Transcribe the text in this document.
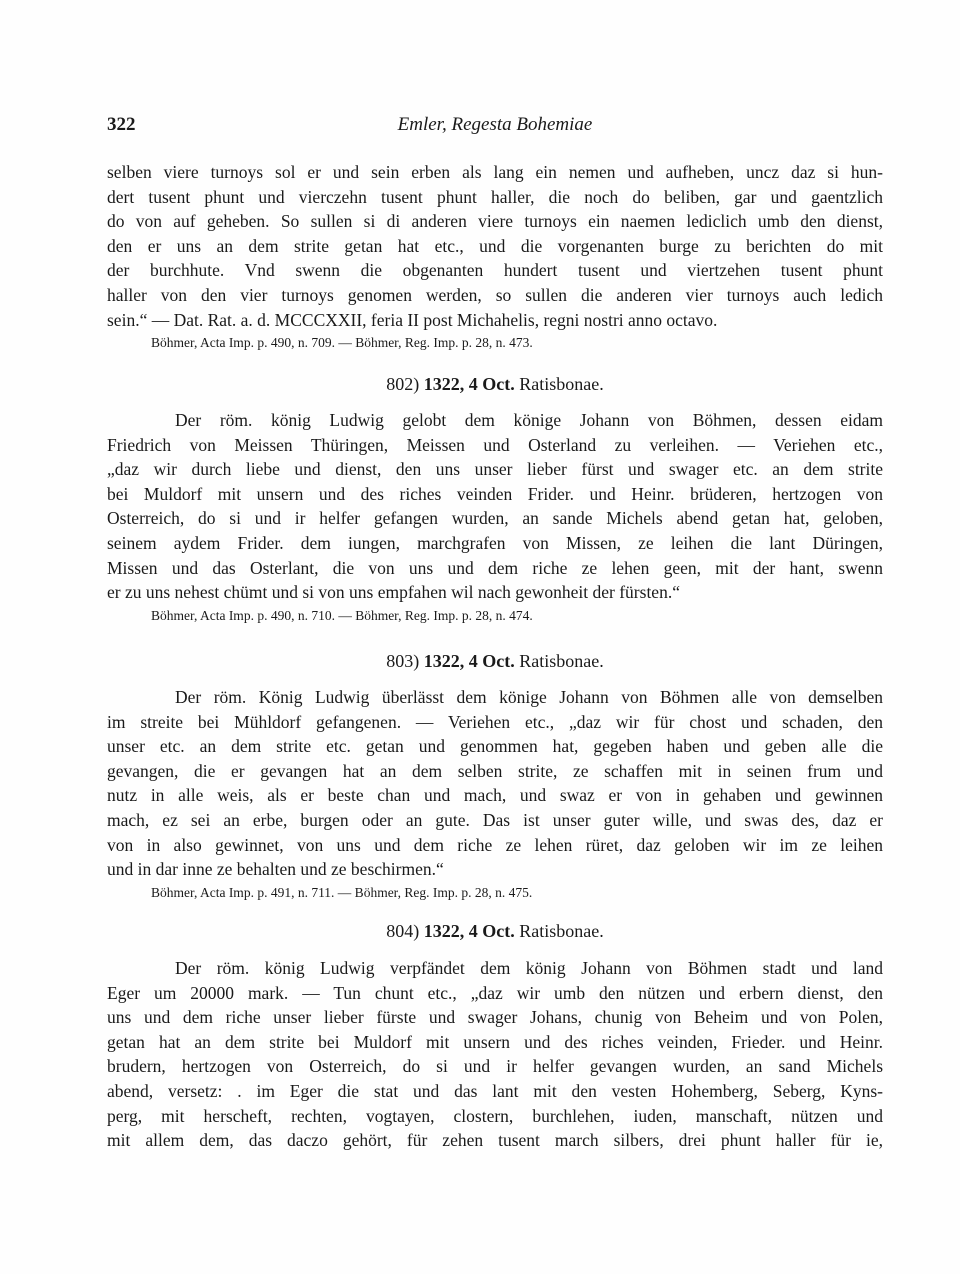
322	Emler, Regesta Bohemiae
selben viere turnoys sol er und sein erben als lang ein nemen und aufheben, uncz daz si hun-
dert tusent phunt und vierczehn tusent phunt haller, die noch do beliben, gar und gaentzlich
do von auf geheben. So sullen si di anderen viere turnoys ein naemen lediclich umb den dienst,
den er uns an dem strite getan hat etc., und die vorgenanten burge zu berichten do mit
der burchhute. Vnd swenn die obgenanten hundert tusent und viertzehen tusent phunt
haller von den vier turnoys genomen werden, so sullen die anderen vier turnoys auch ledich
sein.“ — Dat. Rat. a. d. MCCCXXII, feria II post Michahelis, regni nostri anno octavo.
Böhmer, Acta Imp. p. 490, n. 709. — Böhmer, Reg. Imp. p. 28, n. 473.
802) 1322, 4 Oct. Ratisbonae.
Der röm. könig Ludwig gelobt dem könige Johann von Böhmen, dessen eidam
Friedrich von Meissen Thüringen, Meissen und Osterland zu verleihen. — Veriehen etc.,
„daz wir durch liebe und dienst, den uns unser lieber fürst und swager etc. an dem strite
bei Muldorf mit unsern und des riches veinden Frider. und Heinr. brüderen, hertzogen von
Osterreich, do si und ir helfer gefangen wurden, an sande Michels abend getan hat, geloben,
seinem aydem Frider. dem iungen, marchgrafen von Missen, ze leihen die lant Düringen,
Missen und das Osterlant, die von uns und dem riche ze lehen geen, mit der hant, swenn
er zu uns nehest chümt und si von uns empfahen wil nach gewonheit der fürsten.“
Böhmer, Acta Imp. p. 490, n. 710. — Böhmer, Reg. Imp. p. 28, n. 474.
803) 1322, 4 Oct. Ratisbonae.
Der röm. König Ludwig überlässt dem könige Johann von Böhmen alle von demselben
im streite bei Mühldorf gefangenen. — Veriehen etc., „daz wir für chost und schaden, den
unser etc. an dem strite etc. getan und genommen hat, gegeben haben und geben alle die
gevangen, die er gevangen hat an dem selben strite, ze schaffen mit in seinen frum und
nutz in alle weis, als er beste chan und mach, und swaz er von in gehaben und gewinnen
mach, ez sei an erbe, burgen oder an gute. Das ist unser guter wille, und swas des, daz er
von in also gewinnet, von uns und dem riche ze lehen rüret, daz geloben wir im ze leihen
und in dar inne ze behalten und ze beschirmen.“
Böhmer, Acta Imp. p. 491, n. 711. — Böhmer, Reg. Imp. p. 28, n. 475.
804) 1322, 4 Oct. Ratisbonae.
Der röm. könig Ludwig verpfändet dem könig Johann von Böhmen stadt und land
Eger um 20000 mark. — Tun chunt etc., „daz wir umb den nützen und erbern dienst, den
uns und dem riche unser lieber fürste und swager Johans, chunig von Beheim und von Polen,
getan hat an dem strite bei Muldorf mit unsern und des riches veinden, Frieder. und Heinr.
brudern, hertzogen von Osterreich, do si und ir helfer gevangen wurden, an sand Michels
abend, versetz: . im Eger die stat und das lant mit den vesten Hohemberg, Seberg, Kyns-
perg, mit herscheft, rechten, vogtayen, clostern, burchlehen, iuden, manschaft, nützen und
mit allem dem, das daczo gehört, für zehen tusent march silbers, drei phunt haller für ie,
